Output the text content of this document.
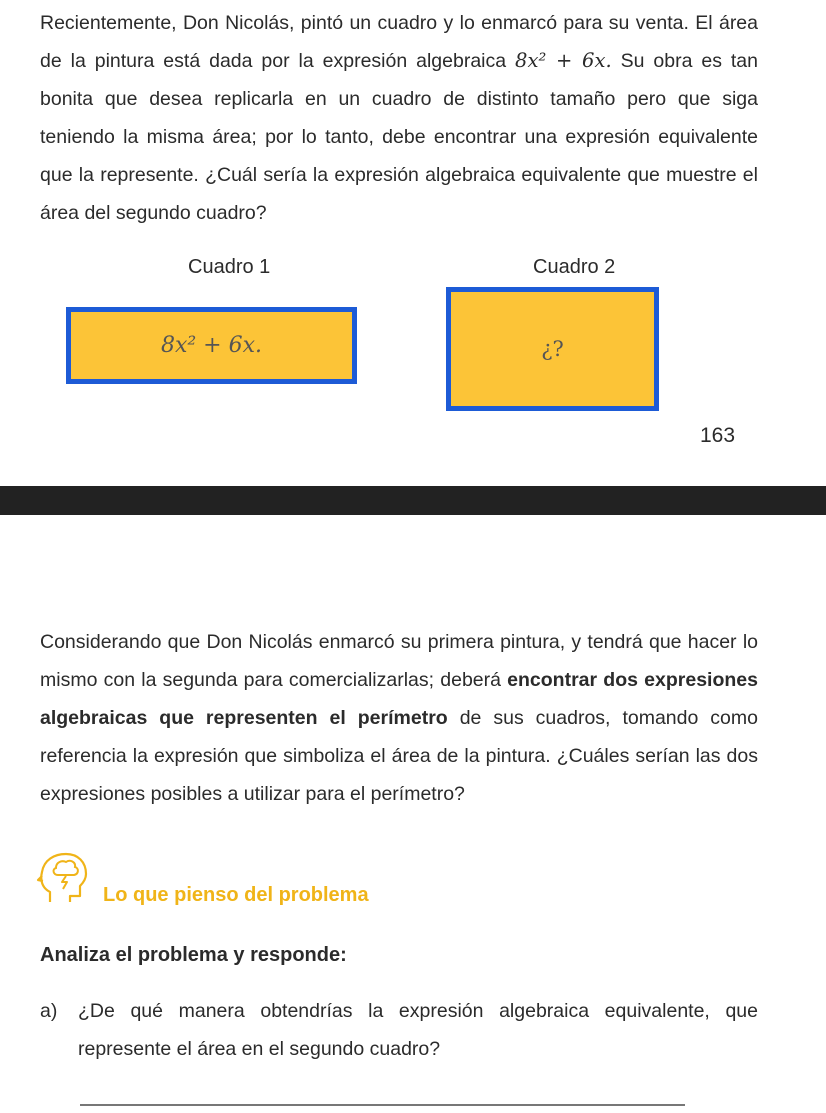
Recientemente, Don Nicolás, pintó un cuadro y lo enmarcó para su venta. El área de la pintura está dada por la expresión algebraica 8x² + 6x. Su obra es tan bonita que desea replicarla en un cuadro de distinto tamaño pero que siga teniendo la misma área; por lo tanto, debe encontrar una expresión equivalente que la represente. ¿Cuál sería la expresión algebraica equivalente que muestre el área del segundo cuadro?

Cuadro 1	Cuadro 2
8x² + 6x.	¿?
163

Considerando que Don Nicolás enmarcó su primera pintura, y tendrá que hacer lo mismo con la segunda para comercializarlas; deberá encontrar dos expresiones algebraicas que representen el perímetro de sus cuadros, tomando como referencia la expresión que simboliza el área de la pintura. ¿Cuáles serían las dos expresiones posibles a utilizar para el perímetro?

Lo que pienso del problema
Analiza el problema y responde:
a) ¿De qué manera obtendrías la expresión algebraica equivalente, que represente el área en el segundo cuadro?
